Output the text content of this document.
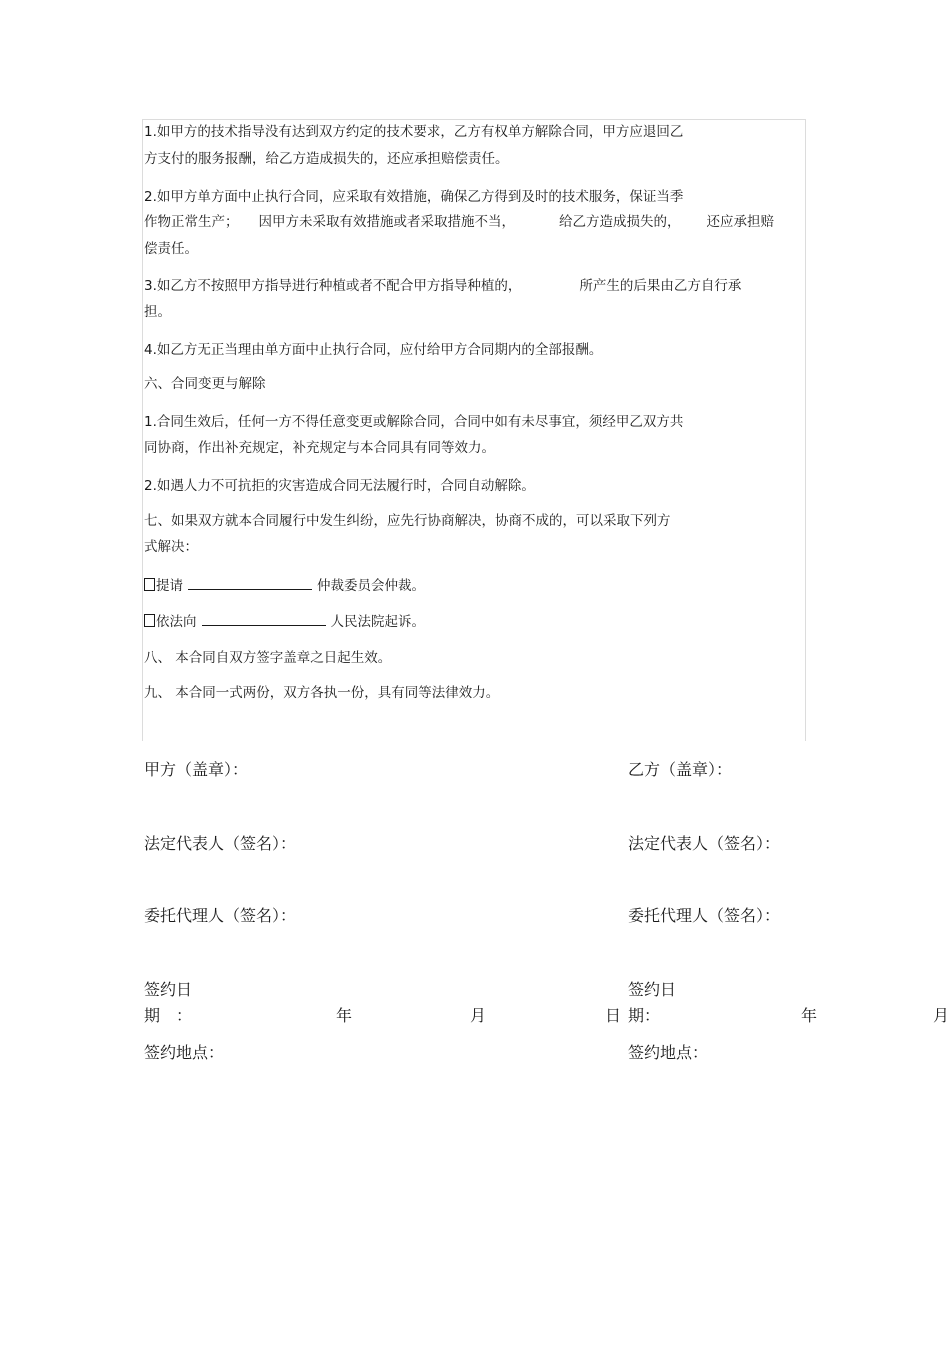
1.如甲方的技术指导没有达到双方约定的技术要求，乙方有权单方解除合同，甲方应退回乙
方支付的服务报酬，给乙方造成损失的，还应承担赔偿责任。
2.如甲方单方面中止执行合同，应采取有效措施，确保乙方得到及时的技术服务，保证当季
作物正常生产； 因甲方未采取有效措施或者采取措施不当，	给乙方造成损失的， 还应承担赔
偿责任。
3.如乙方不按照甲方指导进行种植或者不配合甲方指导种植的，	所产生的后果由乙方自行承
担。
4.如乙方无正当理由单方面中止执行合同，应付给甲方合同期内的全部报酬。
六、合同变更与解除
1.合同生效后，任何一方不得任意变更或解除合同，合同中如有未尽事宜，须经甲乙双方共
同协商，作出补充规定，补充规定与本合同具有同等效力。
2.如遇人力不可抗拒的灾害造成合同无法履行时，合同自动解除。
七、如果双方就本合同履行中发生纠纷，应先行协商解决，协商不成的，可以采取下列方
式解决：
提请	仲裁委员会仲裁。
依法向	人民法院起诉。
八、 本合同自双方签字盖章之日起生效。
九、 本合同一式两份，双方各执一份，具有同等法律效力。
甲方（盖章）：	乙方（盖章）：
法定代表人（签名）：	法定代表人（签名）：
委托代理人（签名）：	委托代理人（签名）：
签约日
期　：	年	月	日
签约日
期：	年	月
签约地点：	签约地点：
